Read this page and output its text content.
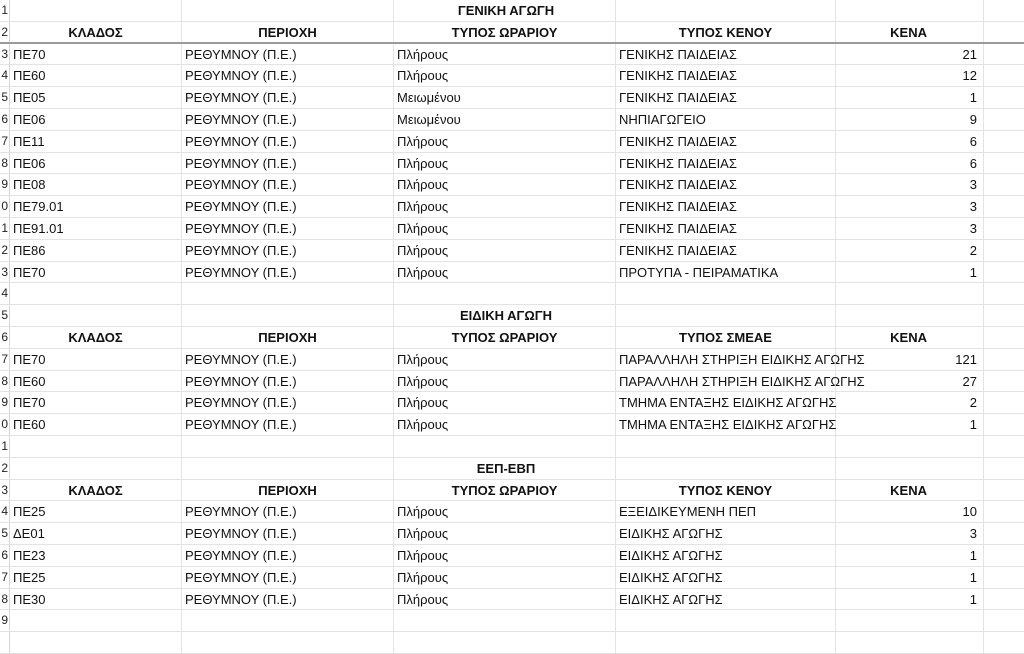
1	ΓΕΝΙΚΗ ΑΓΩΓΗ
2	ΚΛΑΔΟΣ	ΠΕΡΙΟΧΗ	ΤΥΠΟΣ ΩΡΑΡΙΟΥ	ΤΥΠΟΣ ΚΕΝΟΥ	ΚΕΝΑ
3 ΠΕ70	ΡΕΘΥΜΝΟΥ (Π.Ε.)	Πλήρους	ΓΕΝΙΚΗΣ ΠΑΙΔΕΙΑΣ	21
4 ΠΕ60	ΡΕΘΥΜΝΟΥ (Π.Ε.)	Πλήρους	ΓΕΝΙΚΗΣ ΠΑΙΔΕΙΑΣ	12
5 ΠΕ05	ΡΕΘΥΜΝΟΥ (Π.Ε.)	Μειωμένου	ΓΕΝΙΚΗΣ ΠΑΙΔΕΙΑΣ	1
6 ΠΕ06	ΡΕΘΥΜΝΟΥ (Π.Ε.)	Μειωμένου	ΝΗΠΙΑΓΩΓΕΙΟ	9
7 ΠΕ11	ΡΕΘΥΜΝΟΥ (Π.Ε.)	Πλήρους	ΓΕΝΙΚΗΣ ΠΑΙΔΕΙΑΣ	6
8 ΠΕ06	ΡΕΘΥΜΝΟΥ (Π.Ε.)	Πλήρους	ΓΕΝΙΚΗΣ ΠΑΙΔΕΙΑΣ	6
9 ΠΕ08	ΡΕΘΥΜΝΟΥ (Π.Ε.)	Πλήρους	ΓΕΝΙΚΗΣ ΠΑΙΔΕΙΑΣ	3
0 ΠΕ79.01	ΡΕΘΥΜΝΟΥ (Π.Ε.)	Πλήρους	ΓΕΝΙΚΗΣ ΠΑΙΔΕΙΑΣ	3
1 ΠΕ91.01	ΡΕΘΥΜΝΟΥ (Π.Ε.)	Πλήρους	ΓΕΝΙΚΗΣ ΠΑΙΔΕΙΑΣ	3
2 ΠΕ86	ΡΕΘΥΜΝΟΥ (Π.Ε.)	Πλήρους	ΓΕΝΙΚΗΣ ΠΑΙΔΕΙΑΣ	2
3 ΠΕ70	ΡΕΘΥΜΝΟΥ (Π.Ε.)	Πλήρους	ΠΡΟΤΥΠΑ - ΠΕΙΡΑΜΑΤΙΚΑ	1
4
5	ΕΙΔΙΚΗ ΑΓΩΓΗ
6	ΚΛΑΔΟΣ	ΠΕΡΙΟΧΗ	ΤΥΠΟΣ ΩΡΑΡΙΟΥ	ΤΥΠΟΣ ΣΜΕΑΕ	ΚΕΝΑ
7 ΠΕ70	ΡΕΘΥΜΝΟΥ (Π.Ε.)	Πλήρους	ΠΑΡΑΛΛΗΛΗ ΣΤΗΡΙΞΗ ΕΙΔΙΚΗΣ ΑΓΩΓΗΣ	121
8 ΠΕ60	ΡΕΘΥΜΝΟΥ (Π.Ε.)	Πλήρους	ΠΑΡΑΛΛΗΛΗ ΣΤΗΡΙΞΗ ΕΙΔΙΚΗΣ ΑΓΩΓΗΣ	27
9 ΠΕ70	ΡΕΘΥΜΝΟΥ (Π.Ε.)	Πλήρους	ΤΜΗΜΑ ΕΝΤΑΞΗΣ ΕΙΔΙΚΗΣ ΑΓΩΓΗΣ	2
0 ΠΕ60	ΡΕΘΥΜΝΟΥ (Π.Ε.)	Πλήρους	ΤΜΗΜΑ ΕΝΤΑΞΗΣ ΕΙΔΙΚΗΣ ΑΓΩΓΗΣ	1
1
2	ΕΕΠ-ΕΒΠ
3	ΚΛΑΔΟΣ	ΠΕΡΙΟΧΗ	ΤΥΠΟΣ ΩΡΑΡΙΟΥ	ΤΥΠΟΣ ΚΕΝΟΥ	ΚΕΝΑ
4 ΠΕ25	ΡΕΘΥΜΝΟΥ (Π.Ε.)	Πλήρους	ΕΞΕΙΔΙΚΕΥΜΕΝΗ ΠΕΠ	10
5 ΔΕ01	ΡΕΘΥΜΝΟΥ (Π.Ε.)	Πλήρους	ΕΙΔΙΚΗΣ ΑΓΩΓΗΣ	3
6 ΠΕ23	ΡΕΘΥΜΝΟΥ (Π.Ε.)	Πλήρους	ΕΙΔΙΚΗΣ ΑΓΩΓΗΣ	1
7 ΠΕ25	ΡΕΘΥΜΝΟΥ (Π.Ε.)	Πλήρους	ΕΙΔΙΚΗΣ ΑΓΩΓΗΣ	1
8 ΠΕ30	ΡΕΘΥΜΝΟΥ (Π.Ε.)	Πλήρους	ΕΙΔΙΚΗΣ ΑΓΩΓΗΣ	1
9
